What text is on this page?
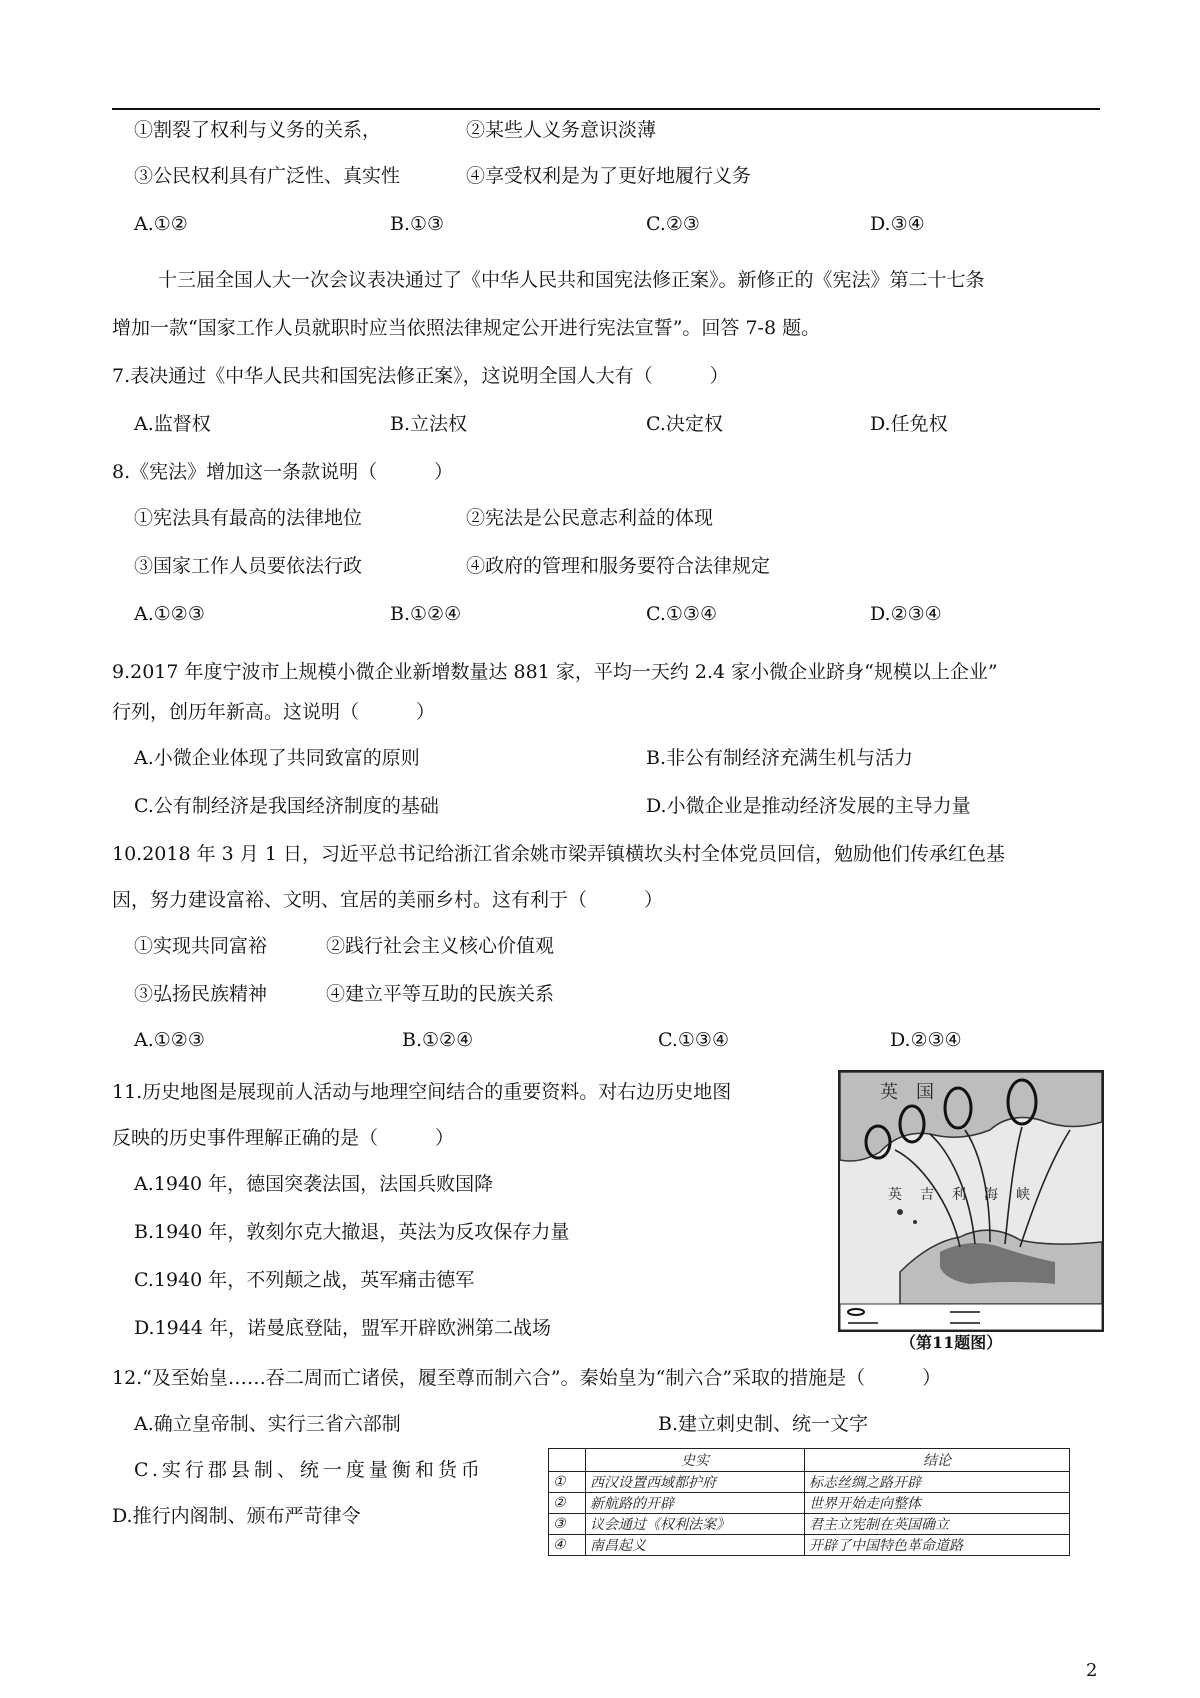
①割裂了权利与义务的关系，	②某些人义务意识淡薄
③公民权利具有广泛性、真实性	④享受权利是为了更好地履行义务
A.①②	B.①③	C.②③	D.③④
十三届全国人大一次会议表决通过了《中华人民共和国宪法修正案》。新修正的《宪法》第二十七条
增加一款“国家工作人员就职时应当依照法律规定公开进行宪法宣誓”。回答 7-8 题。
7.表决通过《中华人民共和国宪法修正案》，这说明全国人大有（　　　）
A.监督权	B.立法权	C.决定权	D.任免权
8.《宪法》增加这一条款说明（　　　）
①宪法具有最高的法律地位	②宪法是公民意志利益的体现
③国家工作人员要依法行政	④政府的管理和服务要符合法律规定
A.①②③	B.①②④	C.①③④	D.②③④
9.2017 年度宁波市上规模小微企业新增数量达 881 家，平均一天约 2.4 家小微企业跻身“规模以上企业”
行列，创历年新高。这说明（　　　）
A.小微企业体现了共同致富的原则	B.非公有制经济充满生机与活力
C.公有制经济是我国经济制度的基础	D.小微企业是推动经济发展的主导力量
10.2018 年 3 月 1 日，习近平总书记给浙江省余姚市梁弄镇横坎头村全体党员回信，勉励他们传承红色基
因，努力建设富裕、文明、宜居的美丽乡村。这有利于（　　　）
①实现共同富裕	②践行社会主义核心价值观
③弘扬民族精神	④建立平等互助的民族关系
A.①②③	B.①②④	C.①③④	D.②③④
11.历史地图是展现前人活动与地理空间结合的重要资料。对右边历史地图
反映的历史事件理解正确的是（　　　）
A.1940 年，德国突袭法国，法国兵败国降
B.1940 年，敦刻尔克大撤退，英法为反攻保存力量
C.1940 年，不列颠之战，英军痛击德军
D.1944 年，诺曼底登陆，盟军开辟欧洲第二战场
英　国
英　吉　利　海　峡
（第11题图）
12.“及至始皇……吞二周而亡诸侯，履至尊而制六合”。秦始皇为“制六合”采取的措施是（　　　）
A.确立皇帝制、实行三省六部制	B.建立刺史制、统一文字
C.实行郡县制、统一度量衡和货币
D.推行内阁制、颁布严苛律令
	史实	结论
①	西汉设置西域都护府	标志丝绸之路开辟
②	新航路的开辟	世界开始走向整体
③	议会通过《权利法案》	君主立宪制在英国确立
④	南昌起义	开辟了中国特色革命道路
2
